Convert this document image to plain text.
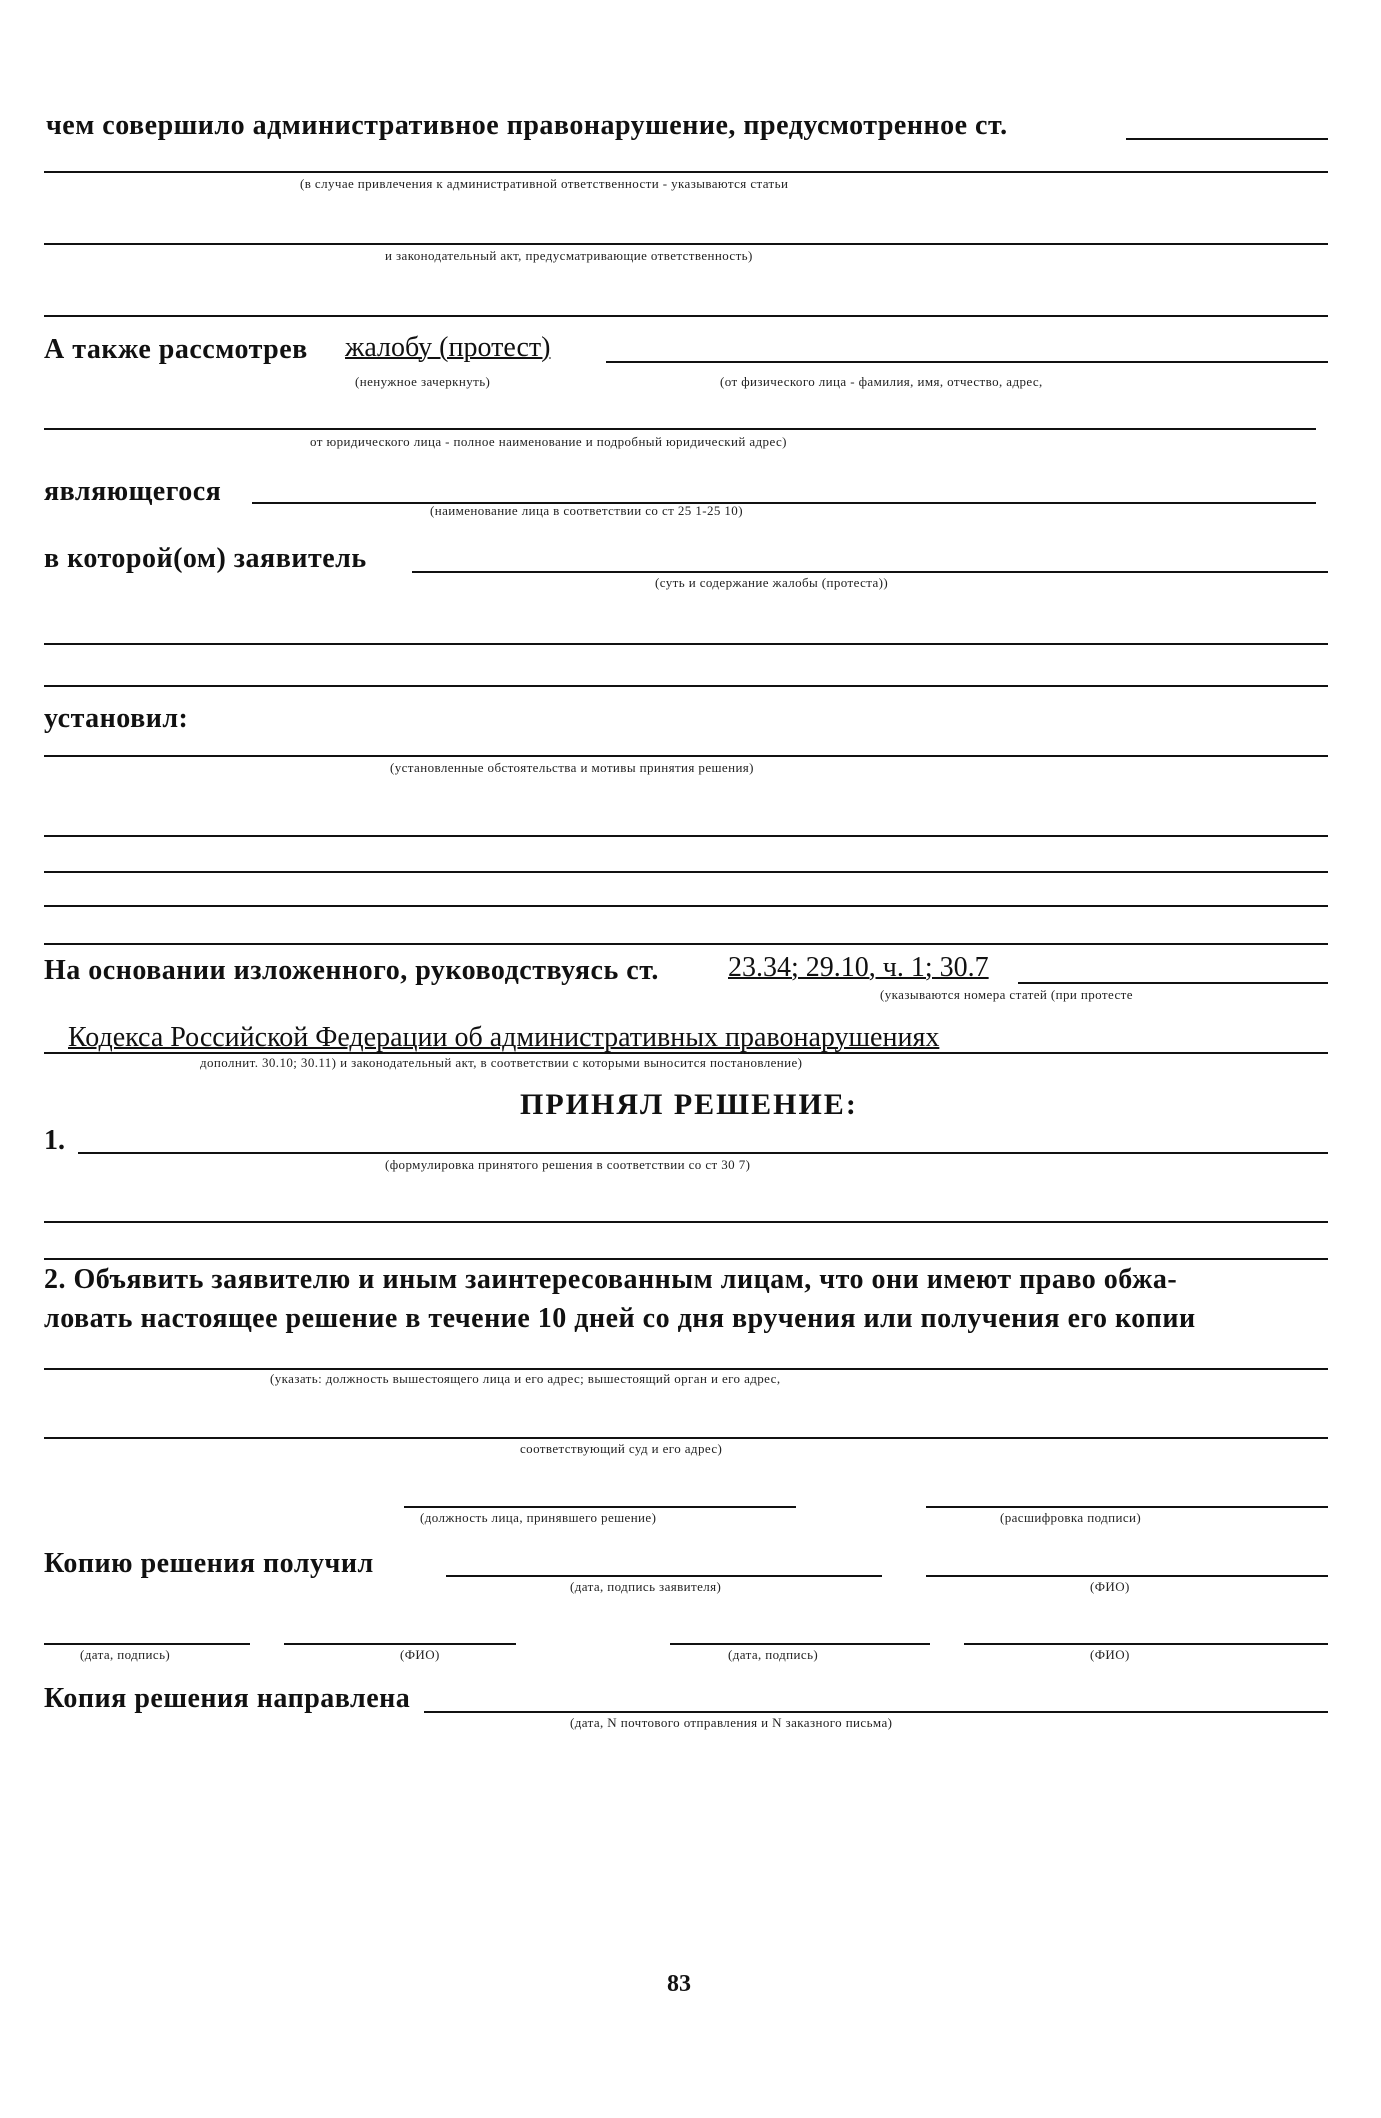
чем совершило административное правонарушение, предусмотренное ст.
(в случае привлечения к административной ответственности - указываются статьи
и законодательный акт, предусматривающие ответственность)
А также рассмотрев жалобу (протест)
(ненужное зачеркнуть)	(от физического лица - фамилия, имя, отчество, адрес,
от юридического лица - полное наименование и подробный юридический адрес)
являющегося
(наименование лица в соответствии со ст 25 1-25 10)
в которой(ом) заявитель
(суть и содержание жалобы (протеста))
установил:
(установленные обстоятельства и мотивы принятия решения)
На основании изложенного, руководствуясь ст. 23.34; 29.10, ч. 1; 30.7
(указываются номера статей (при протесте
Кодекса Российской Федерации об административных правонарушениях
дополнит. 30.10; 30.11) и законодательный акт, в соответствии с которыми выносится постановление)
ПРИНЯЛ РЕШЕНИЕ:
1.
(формулировка принятого решения в соответствии со ст 30 7)
2. Объявить заявителю и иным заинтересованным лицам, что они имеют право обжа-
ловать настоящее решение в течение 10 дней со дня вручения или получения его копии
(указать: должность вышестоящего лица и его адрес; вышестоящий орган и его адрес,
соответствующий суд и его адрес)
(должность лица, принявшего решение)	(расшифровка подписи)
Копию решения получил
(дата, подпись заявителя)	(ФИО)
(дата, подпись)	(ФИО)	(дата, подпись)	(ФИО)
Копия решения направлена
(дата, N почтового отправления и N заказного письма)
83
